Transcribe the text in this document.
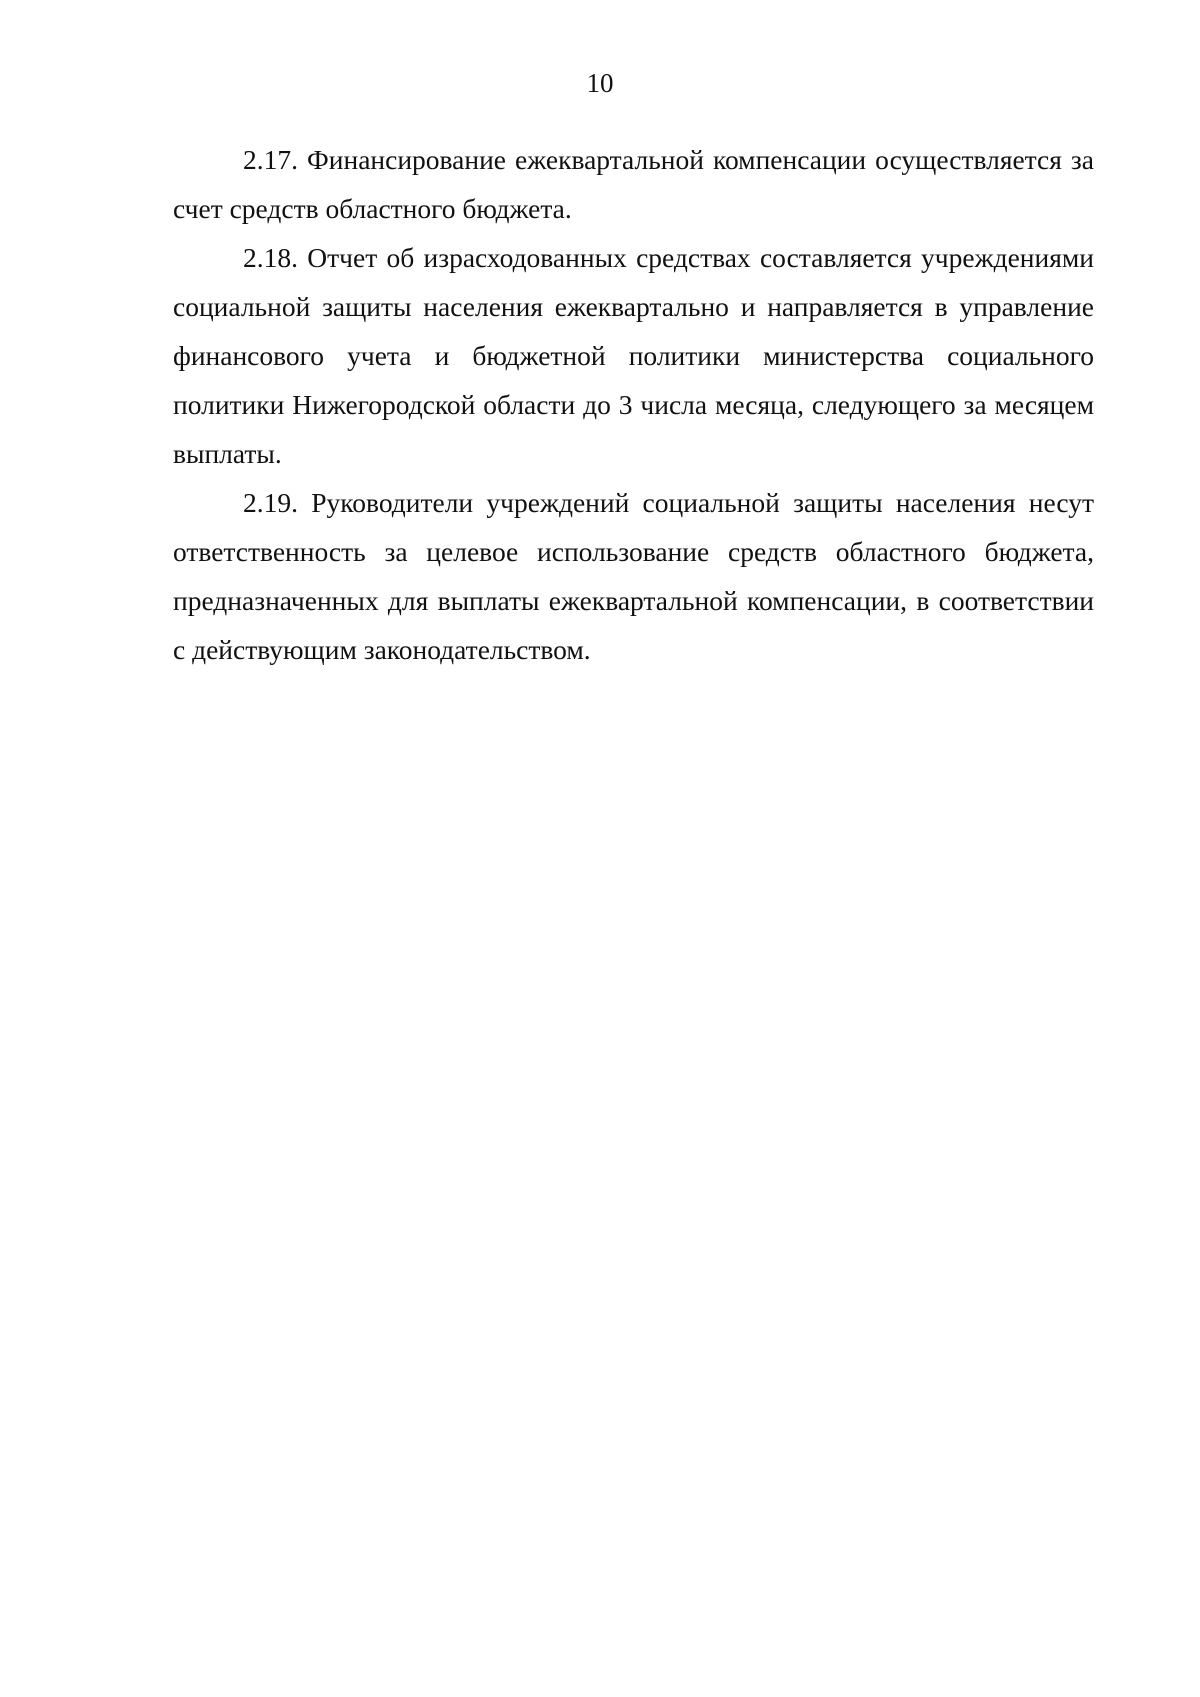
10

2.17. Финансирование ежеквартальной компенсации осуществляется за счет средств областного бюджета.

2.18. Отчет об израсходованных средствах составляется учреждениями социальной защиты населения ежеквартально и направляется в управление финансового учета и бюджетной политики министерства социального политики Нижегородской области до 3 числа месяца, следующего за месяцем выплаты.

2.19. Руководители учреждений социальной защиты населения несут ответственность за целевое использование средств областного бюджета, предназначенных для выплаты ежеквартальной компенсации, в соответствии с действующим законодательством.
